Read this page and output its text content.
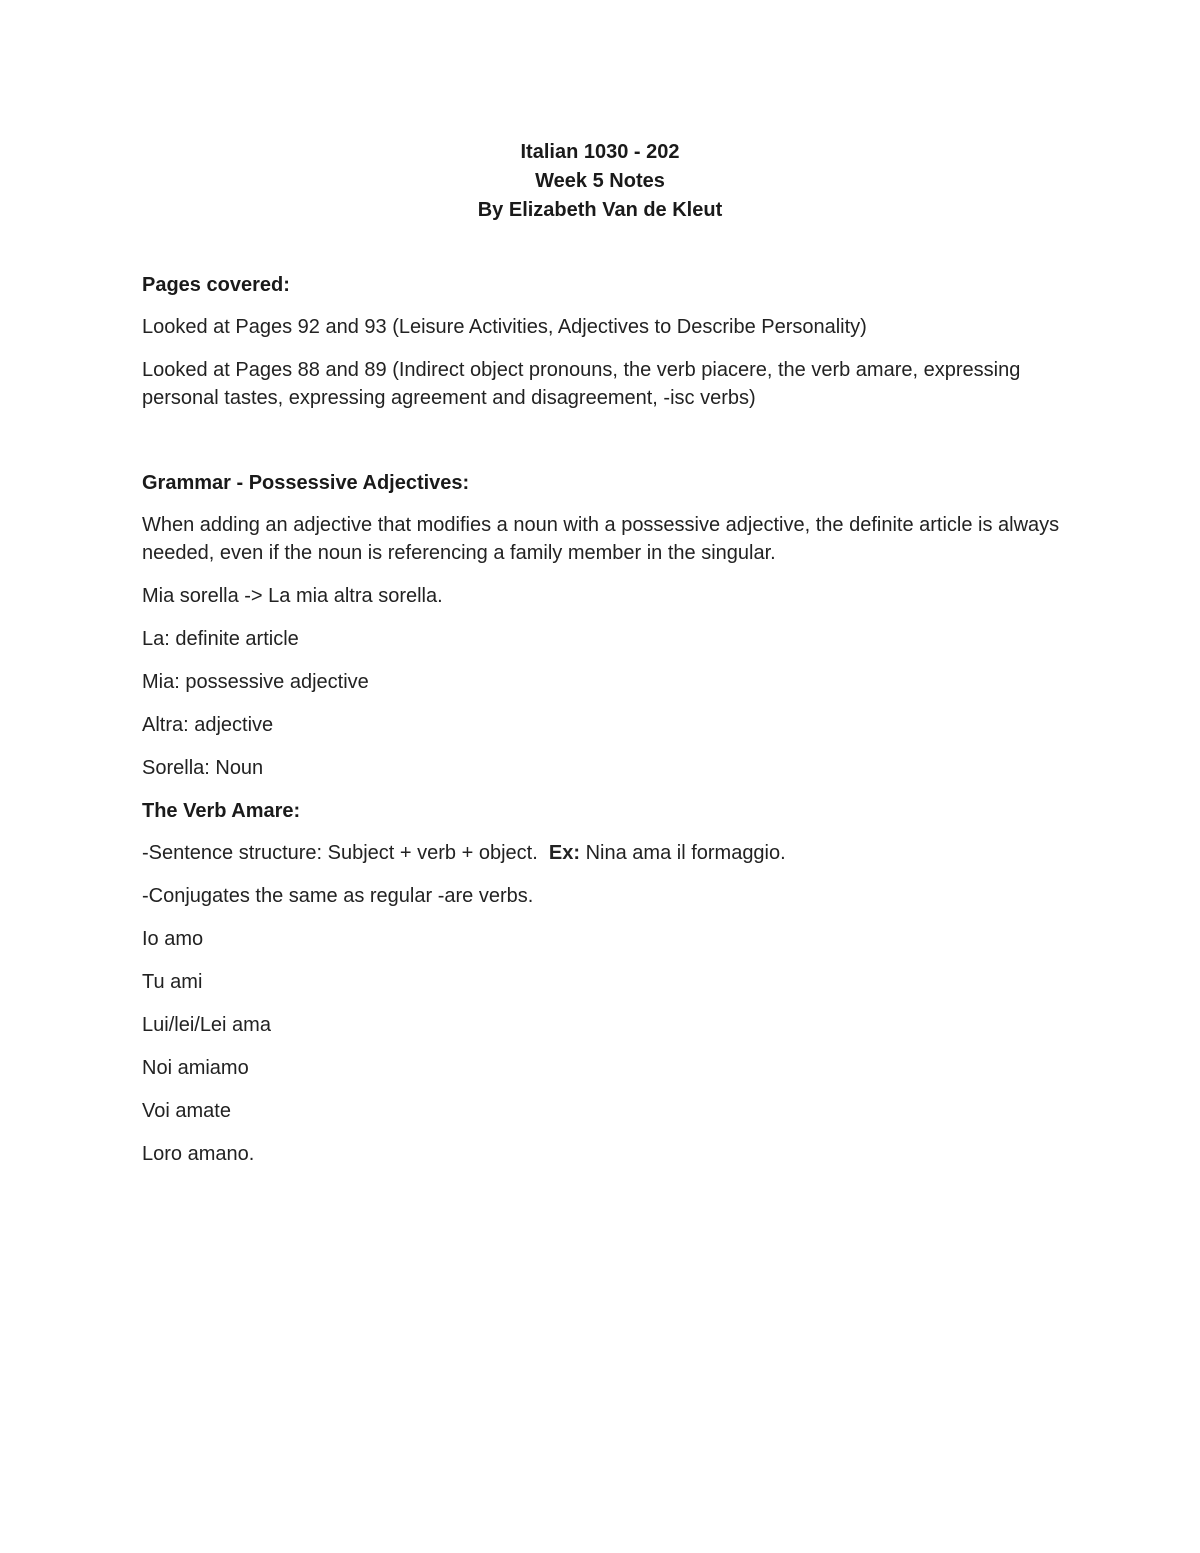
Italian 1030 - 202
Week 5 Notes
By Elizabeth Van de Kleut
Pages covered:

Looked at Pages 92 and 93 (Leisure Activities, Adjectives to Describe Personality)

Looked at Pages 88 and 89 (Indirect object pronouns, the verb piacere, the verb amare, expressing personal tastes, expressing agreement and disagreement, -isc verbs)

Grammar - Possessive Adjectives:

When adding an adjective that modifies a noun with a possessive adjective, the definite article is always needed, even if the noun is referencing a family member in the singular.

Mia sorella -> La mia altra sorella.

La: definite article

Mia: possessive adjective

Altra: adjective

Sorella: Noun

The Verb Amare:

-Sentence structure: Subject + verb + object. Ex: Nina ama il formaggio.

-Conjugates the same as regular -are verbs.

Io amo

Tu ami

Lui/lei/Lei ama

Noi amiamo

Voi amate

Loro amano.
